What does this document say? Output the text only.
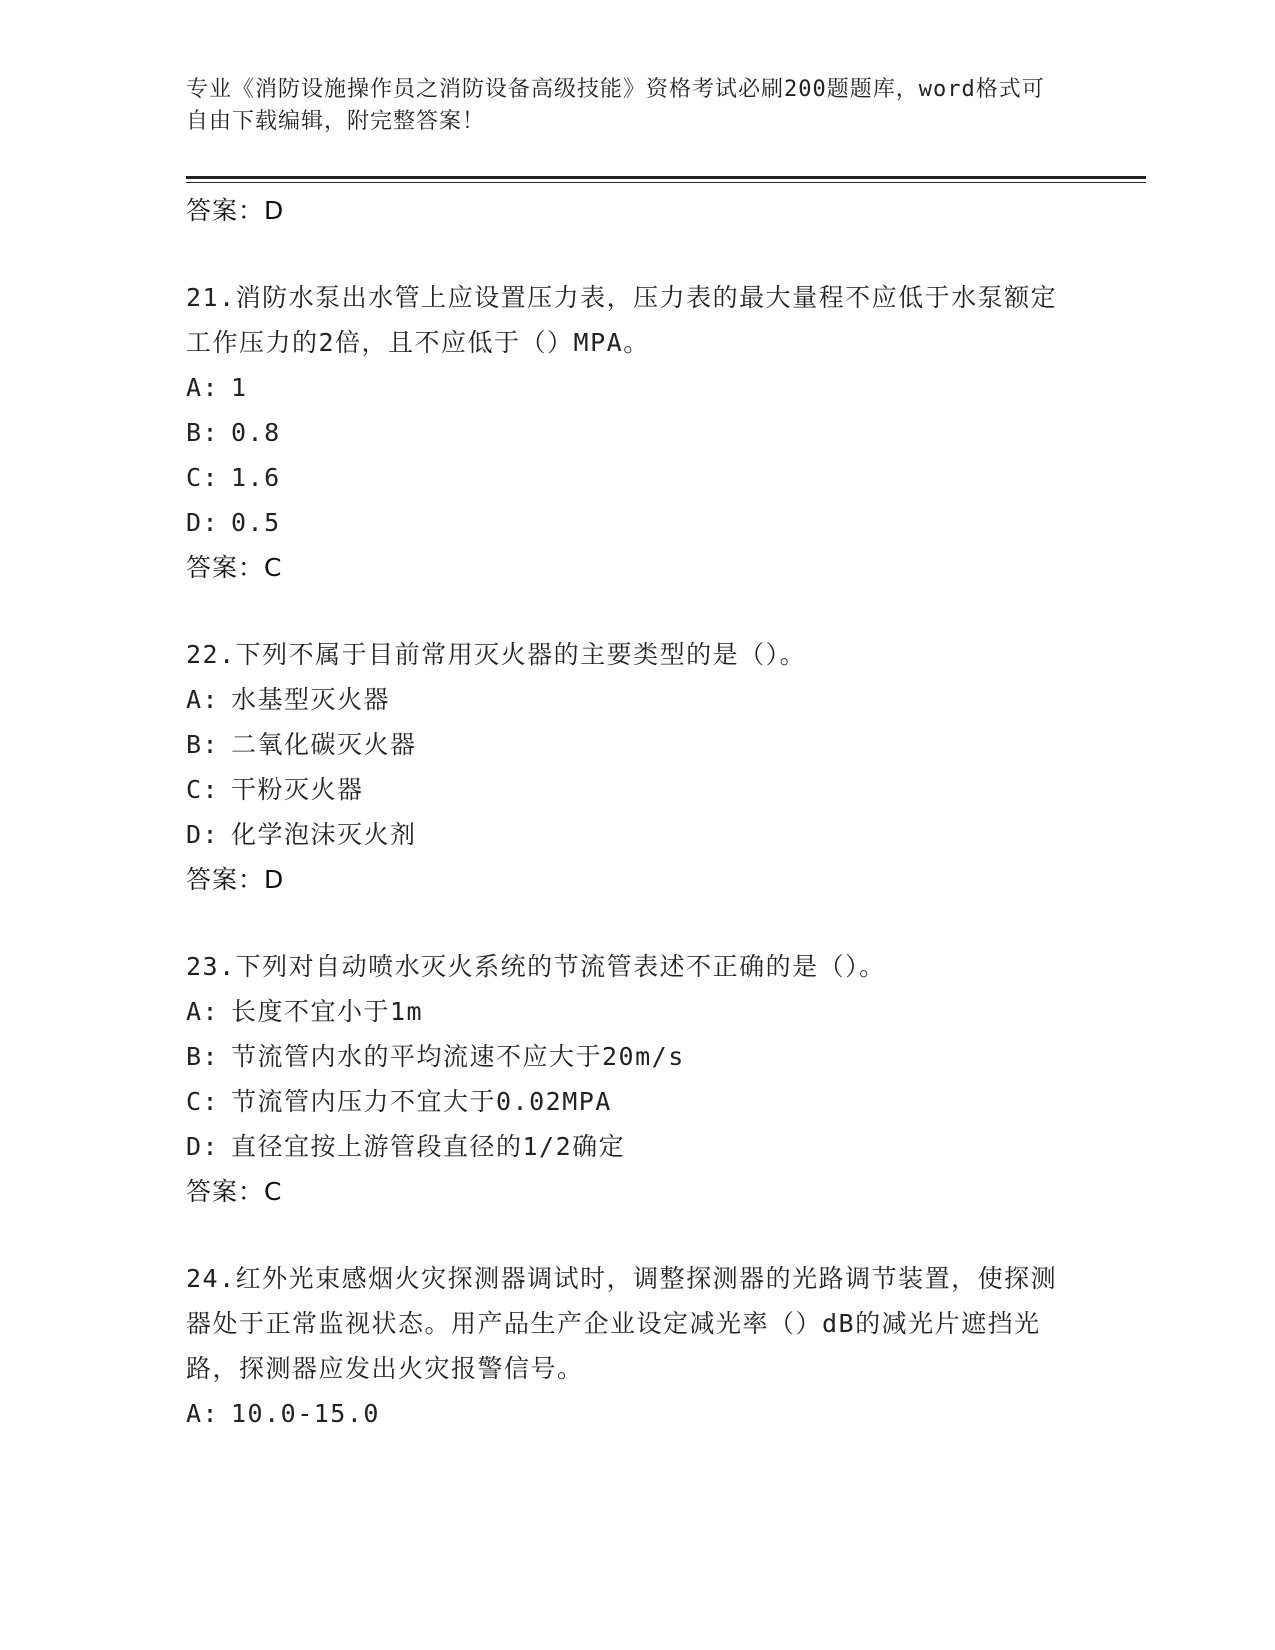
专业《消防设施操作员之消防设备高级技能》资格考试必刷200题题库，word格式可自由下载编辑，附完整答案！
答案：D
21.消防水泵出水管上应设置压力表，压力表的最大量程不应低于水泵额定工作压力的2倍，且不应低于（）MPA。
A: 1
B: 0.8
C: 1.6
D: 0.5
答案：C
22.下列不属于目前常用灭火器的主要类型的是（）。
A: 水基型灭火器
B: 二氧化碳灭火器
C: 干粉灭火器
D: 化学泡沫灭火剂
答案：D
23.下列对自动喷水灭火系统的节流管表述不正确的是（）。
A: 长度不宜小于1m
B: 节流管内水的平均流速不应大于20m/s
C: 节流管内压力不宜大于0.02MPA
D: 直径宜按上游管段直径的1/2确定
答案：C
24.红外光束感烟火灾探测器调试时，调整探测器的光路调节装置，使探测器处于正常监视状态。用产品生产企业设定减光率（）dB的减光片遮挡光路，探测器应发出火灾报警信号。
A: 10.0-15.0
